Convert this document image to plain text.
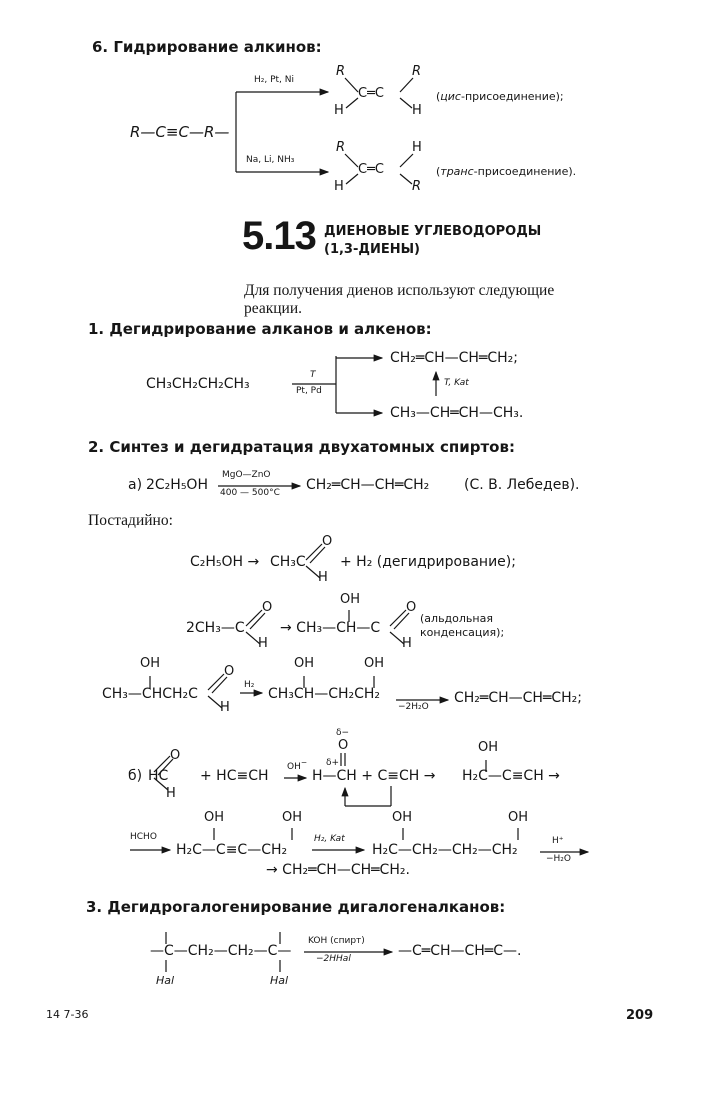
6. Гидрирование алкинов:
R—C≡C—R—
H₂, Pt, Ni
Na, Li, NH₃
R	R
C═C
H	H
(цис-присоединение);
R	H
C═C
H	R
(транс-присоединение).
5.13 ДИЕНОВЫЕ УГЛЕВОДОРОДЫ
(1,3-ДИЕНЫ)
Для получения диенов используют следующие
реакции.
1. Дегидрирование алканов и алкенов:
CH₃CH₂CH₂CH₃
T
Pt, Pd
CH₂═CH—CH═CH₂;
T, Kat
CH₃—CH═CH—CH₃.
2. Синтез и дегидратация двухатомных спиртов:
а) 2C₂H₅OH
MgO—ZnO
400 — 500°C CH₂═CH—CH═CH₂ (С. В. Лебедев).
Постадийно:
C₂H₅OH → CH₃C
O
H
+ H₂ (дегидрирование);
2CH₃—C
O
H
→ CH₃—CH—C
OH
O
H
(альдольная
конденсация);
OH
CH₃—CHCH₂C
O
H
H₂
OH	OH
CH₃CH—CH₂CH₂
−2H₂O
CH₂═CH—CH═CH₂;
б) HC
O
H
+ HC≡CH
OH−
δ−
O
δ+
H—CH + C≡CH →
OH
H₂C—C≡CH →
HCHO
OH	OH
H₂C—C≡C—CH₂
H₂, Kat
OH	OH
H₂C—CH₂—CH₂—CH₂
H⁺
−H₂O
→ CH₂═CH—CH═CH₂.
3. Дегидрогалогенирование дигалогеналканов:
—C—CH₂—CH₂—C—
Hal	Hal
KOH (спирт)
−2HHal	—C═CH—CH═C—.
14 7-36	209
